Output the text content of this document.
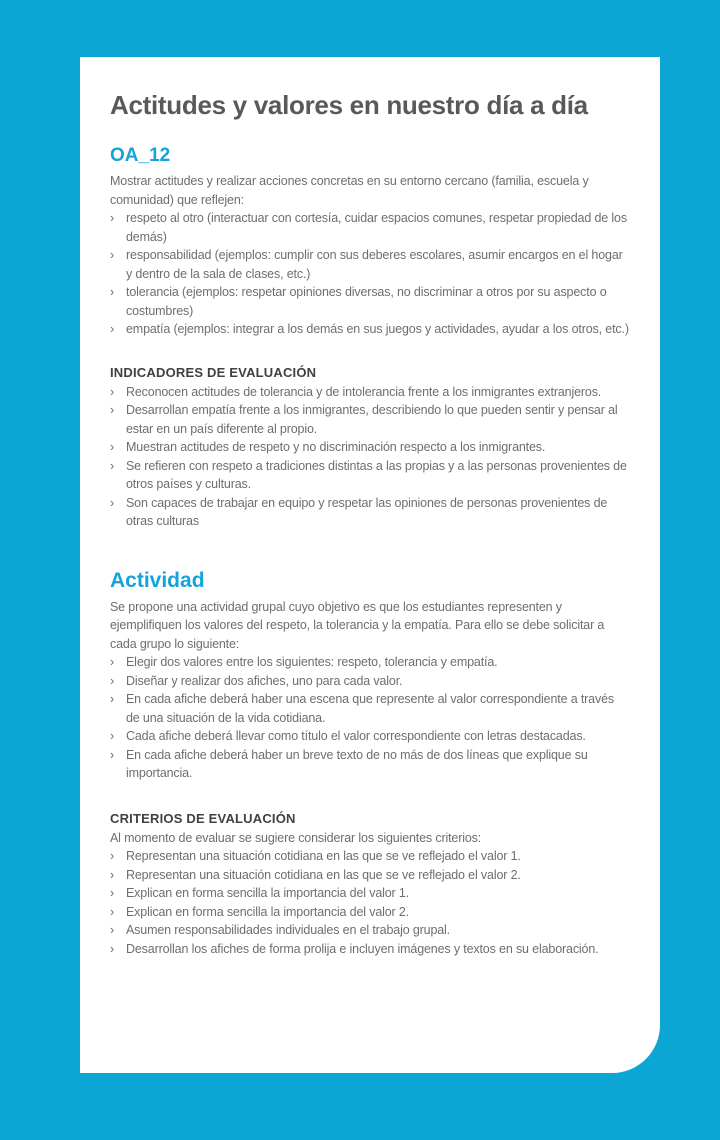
Actitudes y valores en nuestro día a día
OA_12

Mostrar actitudes y realizar acciones concretas en su entorno cercano (familia, escuela y comunidad) que reflejen:

› respeto al otro (interactuar con cortesía, cuidar espacios comunes, respetar propiedad de los demás)
› responsabilidad (ejemplos: cumplir con sus deberes escolares, asumir encargos en el hogar y dentro de la sala de clases, etc.)
› tolerancia (ejemplos: respetar opiniones diversas, no discriminar a otros por su aspecto o costumbres)
› empatía (ejemplos: integrar a los demás en sus juegos y actividades, ayudar a los otros, etc.)
INDICADORES DE EVALUACIÓN
› Reconocen actitudes de tolerancia y de intolerancia frente a los inmigrantes extranjeros.
› Desarrollan empatía frente a los inmigrantes, describiendo lo que pueden sentir y pensar al estar en un país diferente al propio.
› Muestran actitudes de respeto y no discriminación respecto a los inmigrantes.
› Se refieren con respeto a tradiciones distintas a las propias y a las personas provenientes de otros países y culturas.
› Son capaces de trabajar en equipo y respetar las opiniones de personas provenientes de otras culturas
Actividad

Se propone una actividad grupal cuyo objetivo es que los estudiantes representen y ejemplifiquen los valores del respeto, la tolerancia y la empatía. Para ello se debe solicitar a cada grupo lo siguiente:

› Elegir dos valores entre los siguientes: respeto, tolerancia y empatía.
› Diseñar y realizar dos afiches, uno para cada valor.
› En cada afiche deberá haber una escena que represente al valor correspondiente a través de una situación de la vida cotidiana.
› Cada afiche deberá llevar como título el valor correspondiente con letras destacadas.
› En cada afiche deberá haber un breve texto de no más de dos líneas que explique su importancia.
CRITERIOS DE EVALUACIÓN

Al momento de evaluar se sugiere considerar los siguientes criterios:

› Representan una situación cotidiana en las que se ve reflejado el valor 1.
› Representan una situación cotidiana en las que se ve reflejado el valor 2.
› Explican en forma sencilla la importancia del valor 1.
› Explican en forma sencilla la importancia del valor 2.
› Asumen responsabilidades individuales en el trabajo grupal.
› Desarrollan los afiches de forma prolija e incluyen imágenes y textos en su elaboración.
